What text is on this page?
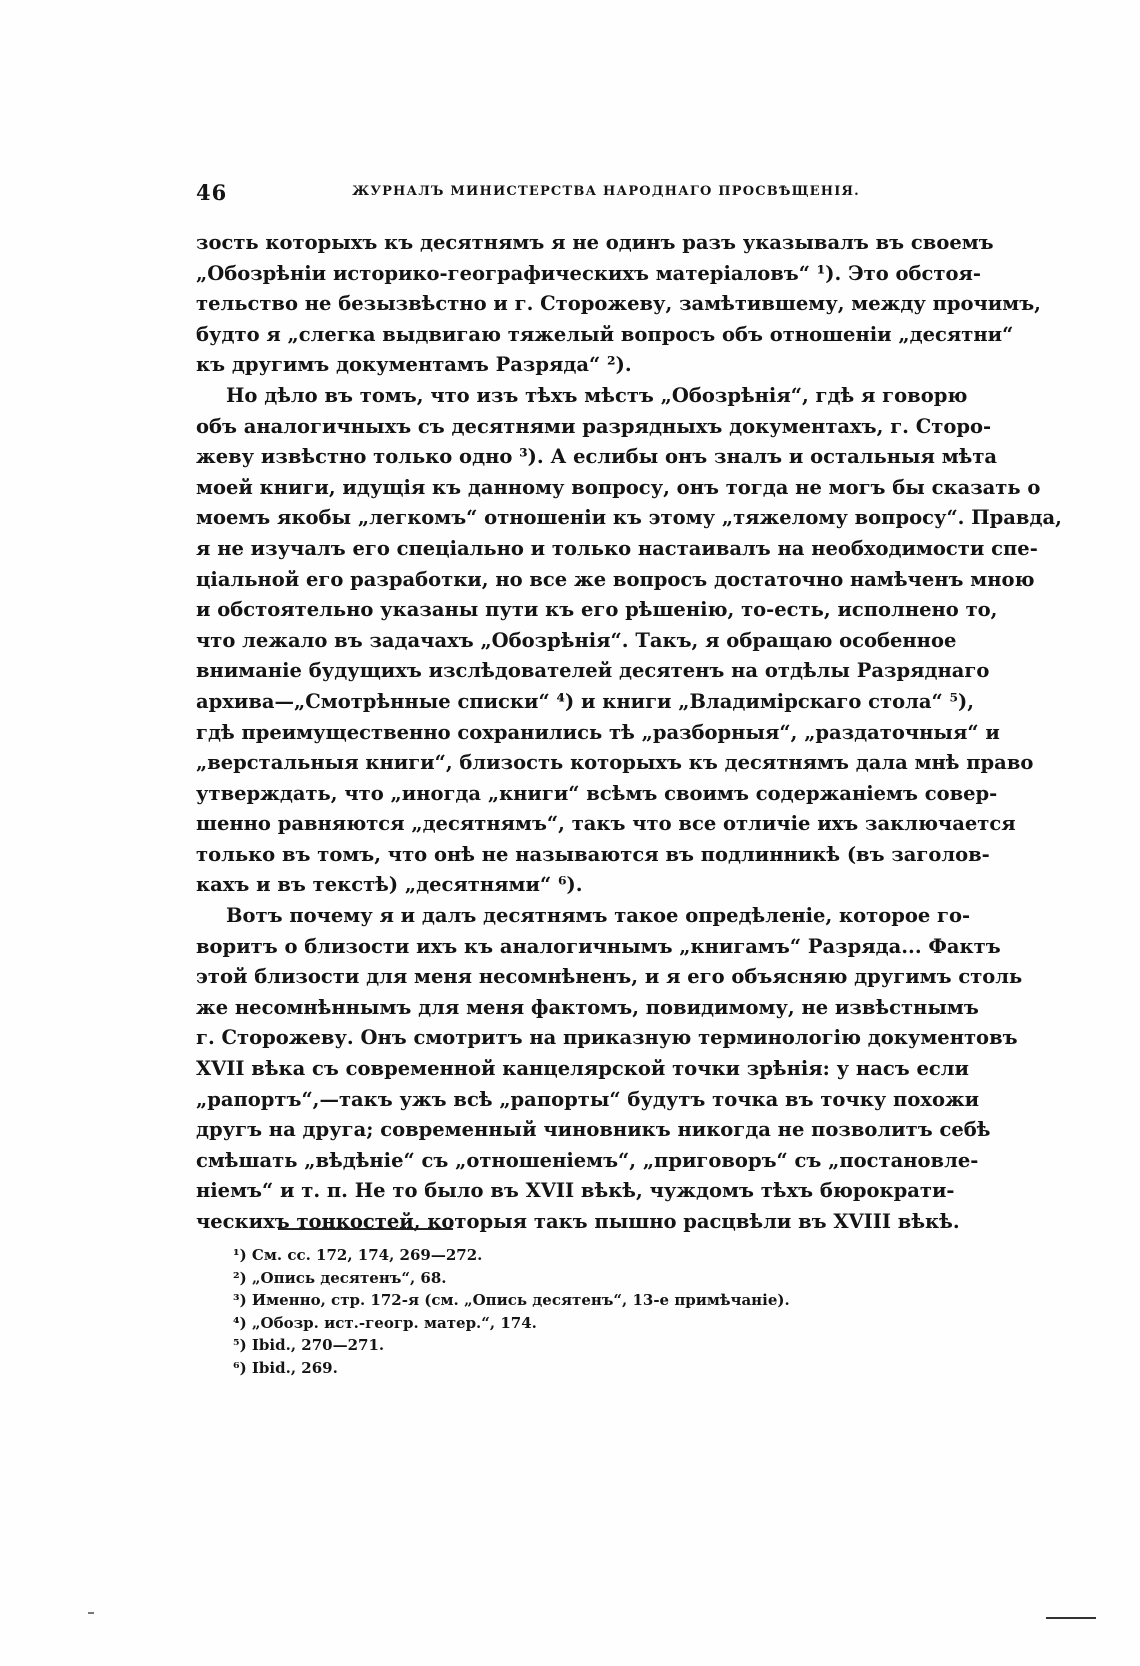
46	ЖУРНАЛЪ МИНИСТЕРСТВА НАРОДНАГО ПРОСВѢЩЕНІЯ.
зость которыхъ къ десятнямъ я не одинъ разъ указывалъ въ своемъ
„Обозрѣніи историко-географическихъ матеріаловъ“ ¹). Это обстоя-
тельство не безызвѣстно и г. Сторожеву, замѣтившему, между прочимъ,
будто я „слегка выдвигаю тяжелый вопросъ объ отношеніи „десятни“
къ другимъ документамъ Разряда“ ²).
Но дѣло въ томъ, что изъ тѣхъ мѣстъ „Обозрѣнія“, гдѣ я говорю
объ аналогичныхъ съ десятнями разрядныхъ документахъ, г. Сторо-
жеву извѣстно только одно ³). А еслибы онъ зналъ и остальныя мѣта
моей книги, идущія къ данному вопросу, онъ тогда не могъ бы сказать о
моемъ якобы „легкомъ“ отношеніи къ этому „тяжелому вопросу“. Правда,
я не изучалъ его спеціально и только настаивалъ на необходимости спе-
ціальной его разработки, но все же вопросъ достаточно намѣченъ мною
и обстоятельно указаны пути къ его рѣшенію, то-есть, исполнено то,
что лежало въ задачахъ „Обозрѣнія“. Такъ, я обращаю особенное
вниманіе будущихъ изслѣдователей десятенъ на отдѣлы Разряднаго
архива—„Смотрѣнные списки“ ⁴) и книги „Владимірскаго стола“ ⁵),
гдѣ преимущественно сохранились тѣ „разборныя“, „раздаточныя“ и
„верстальныя книги“, близость которыхъ къ десятнямъ дала мнѣ право
утверждать, что „иногда „книги“ всѣмъ своимъ содержаніемъ совер-
шенно равняются „десятнямъ“, такъ что все отличіе ихъ заключается
только въ томъ, что онѣ не называются въ подлинникѣ (въ заголов-
кахъ и въ текстѣ) „десятнями“ ⁶).
Вотъ почему я и далъ десятнямъ такое опредѣленіе, которое го-
воритъ о близости ихъ къ аналогичнымъ „книгамъ“ Разряда... Фактъ
этой близости для меня несомнѣненъ, и я его объясняю другимъ столь
же несомнѣннымъ для меня фактомъ, повидимому, не извѣстнымъ
г. Сторожеву. Онъ смотритъ на приказную терминологію документовъ
XVII вѣка съ современной канцелярской точки зрѣнія: у насъ если
„рапортъ“,—такъ ужъ всѣ „рапорты“ будутъ точка въ точку похожи
другъ на друга; современный чиновникъ никогда не позволитъ себѣ
смѣшать „вѣдѣніе“ съ „отношеніемъ“, „приговоръ“ съ „постановле-
ніемъ“ и т. п. Не то было въ XVII вѣкѣ, чуждомъ тѣхъ бюрократи-
ческихъ тонкостей, которыя такъ пышно расцвѣли въ XVIII вѣкѣ.
¹) См. сс. 172, 174, 269—272.
²) „Опись десятенъ“, 68.
³) Именно, стр. 172-я (см. „Опись десятенъ“, 13-е примѣчаніе).
⁴) „Обозр. ист.-геогр. матер.“, 174.
⁵) Ibid., 270—271.
⁶) Ibid., 269.
